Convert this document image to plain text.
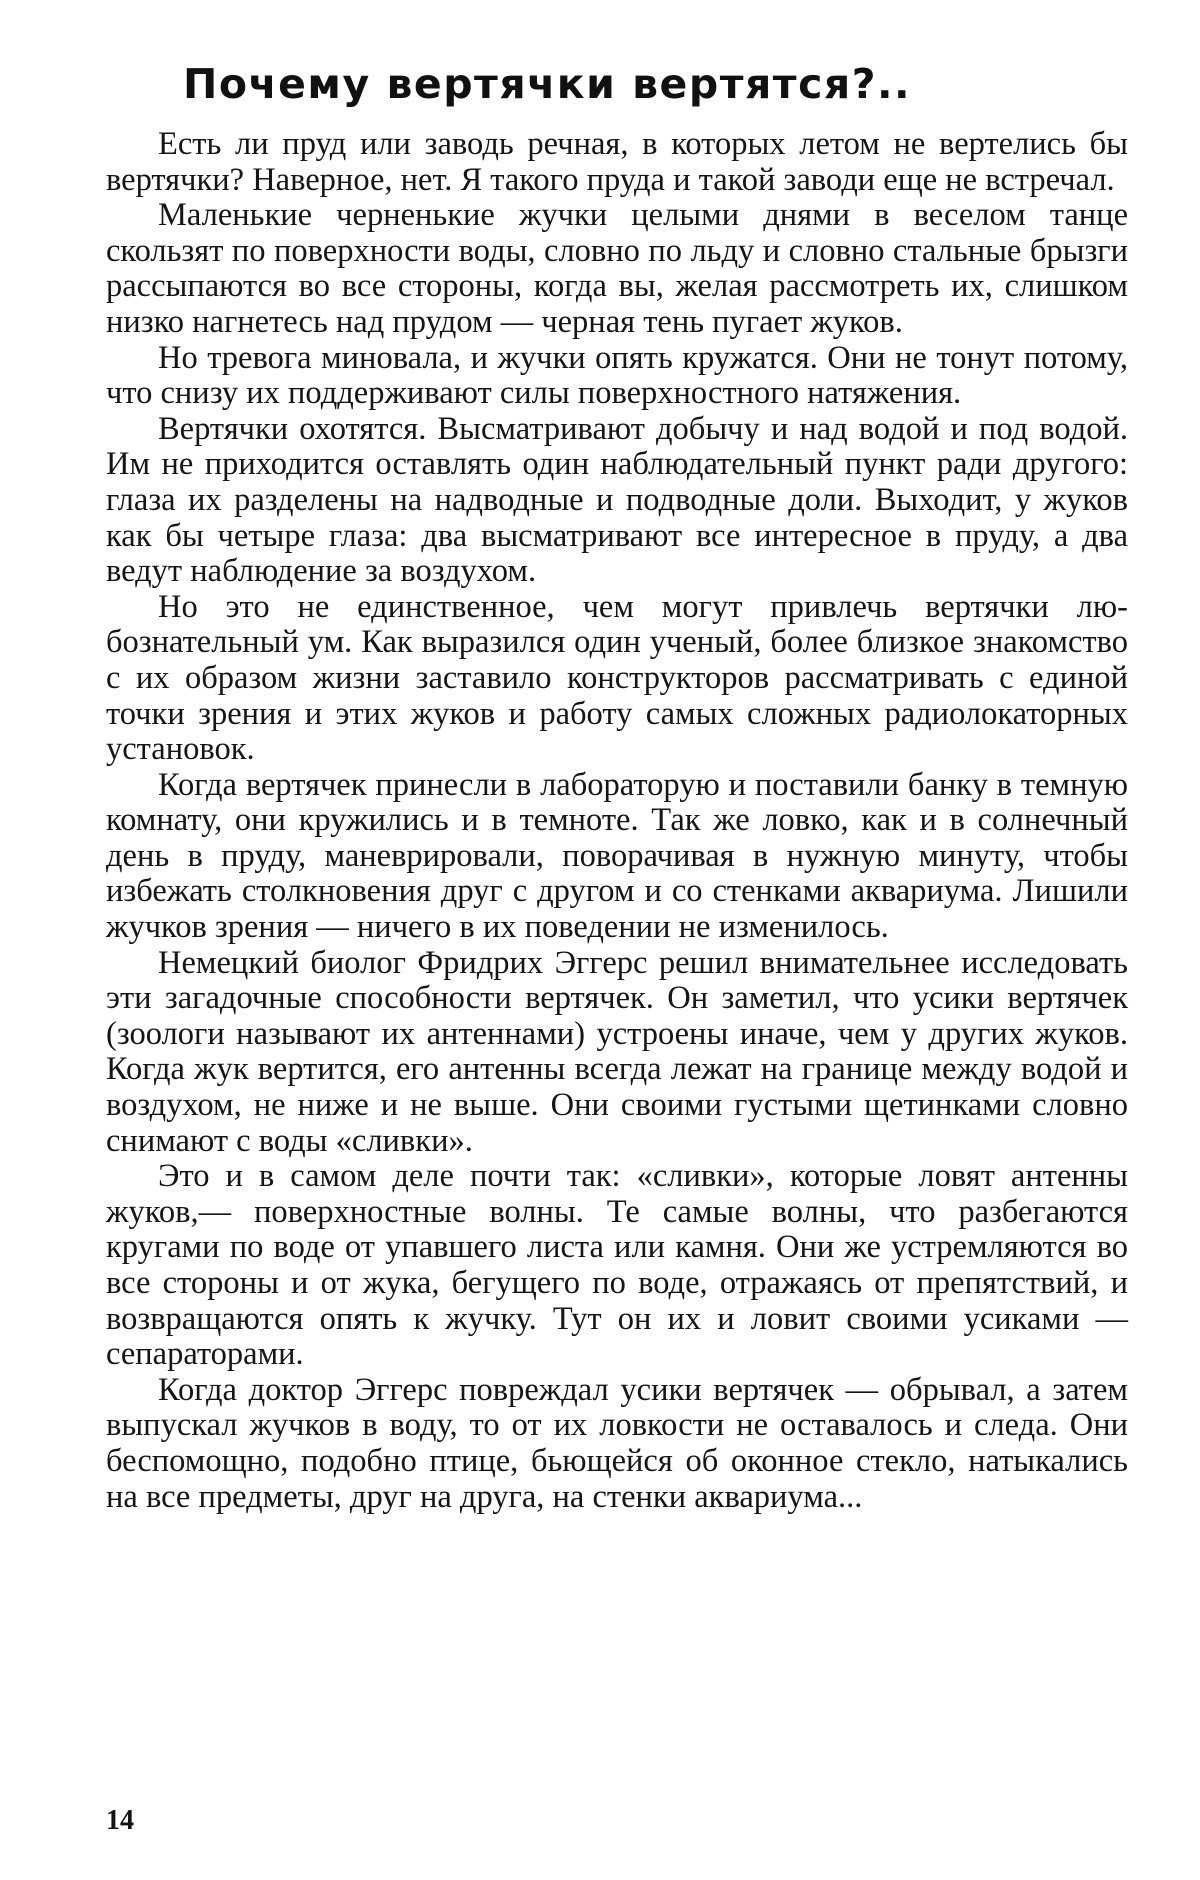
Почему вертячки вертятся?..

Есть ли пруд или заводь речная, в которых летом не вертелись бы вертячки? Наверное, нет. Я такого пруда и такой заводи еще не встречал.

Маленькие черненькие жучки целыми днями в веселом танце скользят по поверхности воды, словно по льду и словно стальные брызги рассыпаются во все стороны, когда вы, желая рассмотреть их, слишком низко нагнетесь над прудом — черная тень пугает жуков.

Но тревога миновала, и жучки опять кружатся. Они не тонут потому, что снизу их поддерживают силы поверхностного натяжения.

Вертячки охотятся. Высматривают добычу и над водой и под водой. Им не приходится оставлять один наблюдательный пункт ради другого: глаза их разделены на надводные и подводные доли. Выходит, у жуков как бы четыре глаза: два высматривают все интересное в пруду, а два ведут наблюдение за воздухом.

Но это не единственное, чем могут привлечь вертячки любознательный ум. Как выразился один ученый, более близкое знакомство с их образом жизни заставило конструкторов рассматривать с единой точки зрения и этих жуков и работу самых сложных радиолокаторных установок.

Когда вертячек принесли в лабораторую и поставили банку в темную комнату, они кружились и в темноте. Так же ловко, как и в солнечный день в пруду, маневрировали, поворачивая в нужную минуту, чтобы избежать столкновения друг с другом и со стенками аквариума. Лишили жучков зрения — ничего в их поведении не изменилось.

Немецкий биолог Фридрих Эггерс решил внимательнее исследовать эти загадочные способности вертячек. Он заметил, что усики вертячек (зоологи называют их антеннами) устроены иначе, чем у других жуков. Когда жук вертится, его антенны всегда лежат на границе между водой и воздухом, не ниже и не выше. Они своими густыми щетинками словно снимают с воды «сливки».

Это и в самом деле почти так: «сливки», которые ловят антенны жуков,— поверхностные волны. Те самые волны, что разбегаются кругами по воде от упавшего листа или камня. Они же устремляются во все стороны и от жука, бегущего по воде, отражаясь от препятствий, и возвращаются опять к жучку. Тут он их и ловит своими усиками — сепараторами.

Когда доктор Эггерс повреждал усики вертячек — обрывал, а затем выпускал жучков в воду, то от их ловкости не оставалось и следа. Они беспомощно, подобно птице, бьющейся об оконное стекло, натыкались на все предметы, друг на друга, на стенки аквариума...

14
